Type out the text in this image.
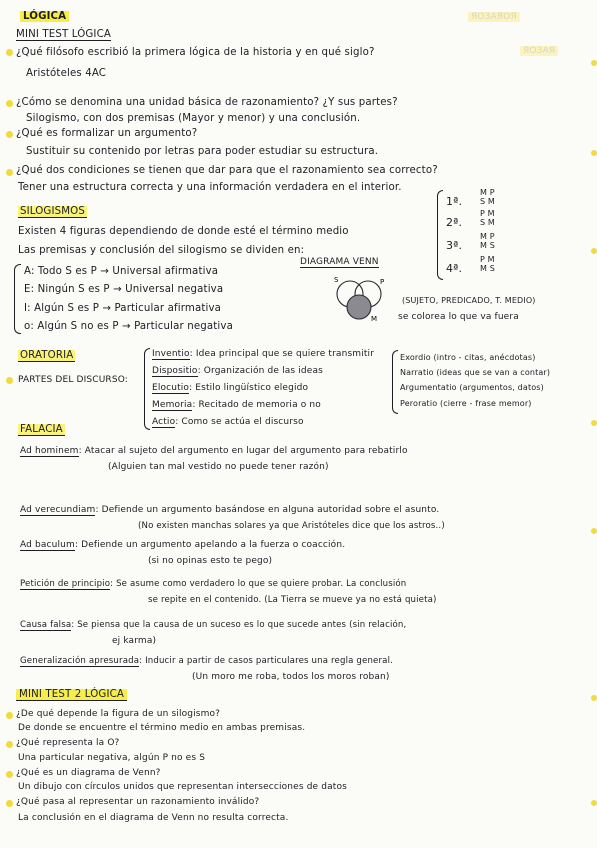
LÓGICA	ЯОЗАЯОЯ
ЯОЗАЯ
MINI TEST LÓGICA
¿Qué filósofo escribió la primera lógica de la historia y en qué siglo?
Aristóteles 4AC
¿Cómo se denomina una unidad básica de razonamiento? ¿Y sus partes?
Silogismo, con dos premisas (Mayor y menor) y una conclusión.
¿Qué es formalizar un argumento?
Sustituir su contenido por letras para poder estudiar su estructura.
¿Qué dos condiciones se tienen que dar para que el razonamiento sea correcto?
Tener una estructura correcta y una información verdadera en el interior.
SILOGISMOS
Existen 4 figuras dependiendo de donde esté el término medio
Las premisas y conclusión del silogismo se dividen en:
A: Todo S es P → Universal afirmativa
E: Ningún S es P → Universal negativa
I: Algún S es P → Particular afirmativa
o: Algún S no es P → Particular negativa
1ª.
M P
S M
2ª.
P M
S M
3ª.
M P
M S
4ª.
P M
M S
DIAGRAMA VENN
S	P
M
(SUJETO, PREDICADO, T. MEDIO)
se colorea lo que va fuera
ORATORIA
PARTES DEL DISCURSO:
Inventio: Idea principal que se quiere transmitir
Dispositio: Organización de las ideas
Elocutio: Estilo lingüístico elegido
Memoria: Recitado de memoria o no
Actio: Como se actúa el discurso
Exordio (intro - citas, anécdotas)
Narratio (ideas que se van a contar)
Argumentatio (argumentos, datos)
Peroratio (cierre - frase memor)
FALACIA
Ad hominem: Atacar al sujeto del argumento en lugar del argumento para rebatirlo
(Alguien tan mal vestido no puede tener razón)
Ad verecundiam: Defiende un argumento basándose en alguna autoridad sobre el asunto.
(No existen manchas solares ya que Aristóteles dice que los astros..)
Ad baculum: Defiende un argumento apelando a la fuerza o coacción.
(si no opinas esto te pego)
Petición de principio: Se asume como verdadero lo que se quiere probar. La conclusión
se repite en el contenido. (La Tierra se mueve ya no está quieta)
Causa falsa: Se piensa que la causa de un suceso es lo que sucede antes (sin relación,
ej karma)
Generalización apresurada: Inducir a partir de casos particulares una regla general.
(Un moro me roba, todos los moros roban)
MINI TEST 2 LÓGICA
¿De qué depende la figura de un silogismo?
De donde se encuentre el término medio en ambas premisas.
¿Qué representa la O?
Una particular negativa, algún P no es S
¿Qué es un diagrama de Venn?
Un dibujo con círculos unidos que representan intersecciones de datos
¿Qué pasa al representar un razonamiento inválido?
La conclusión en el diagrama de Venn no resulta correcta.
